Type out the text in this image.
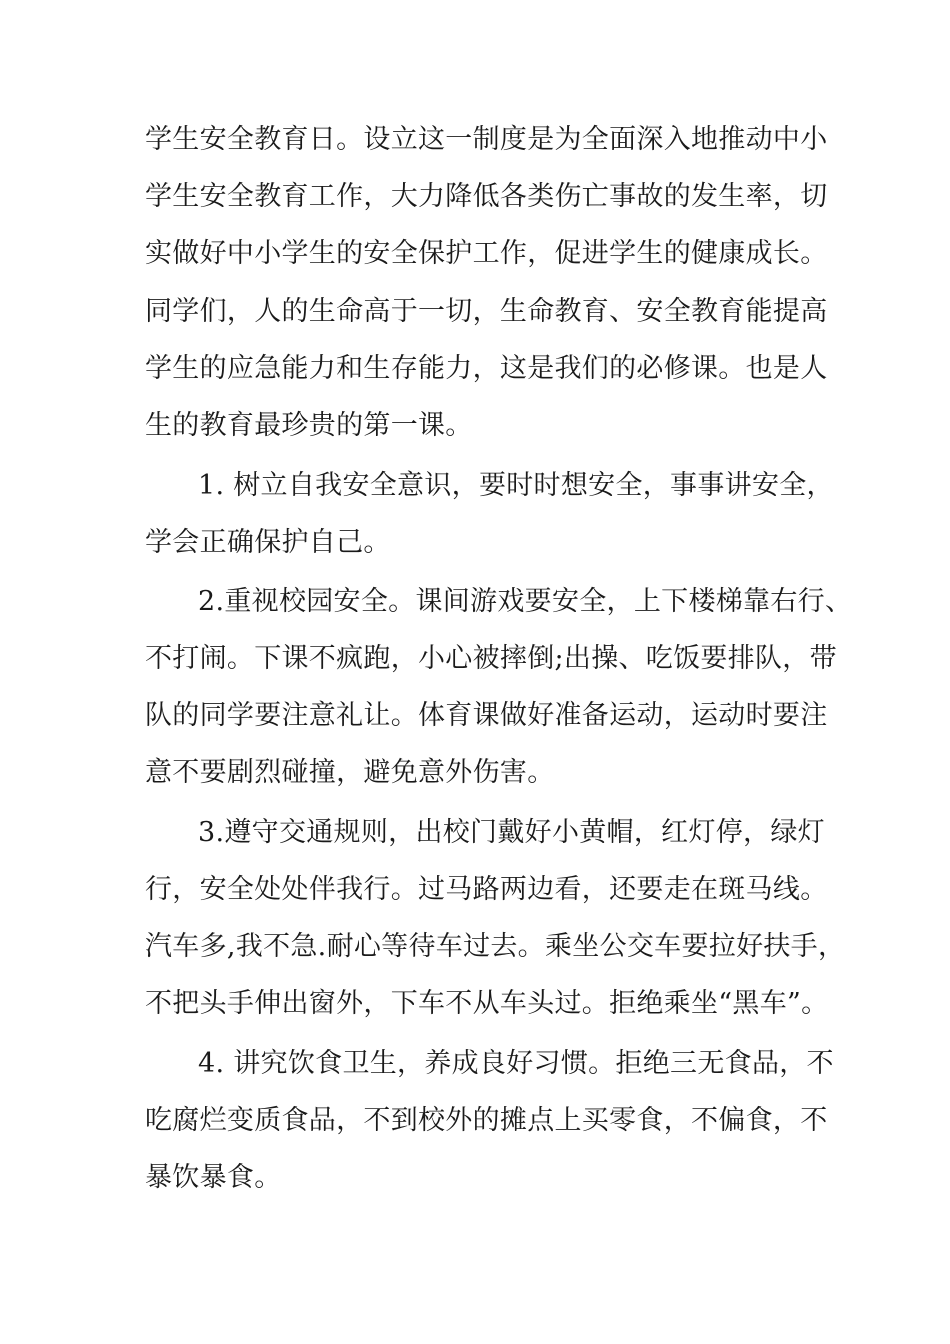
学生安全教育日。设立这一制度是为全面深入地推动中小
学生安全教育工作，大力降低各类伤亡事故的发生率，切
实做好中小学生的安全保护工作，促进学生的健康成长。
同学们，人的生命高于一切，生命教育、安全教育能提高
学生的应急能力和生存能力，这是我们的必修课。也是人
生的教育最珍贵的第一课。
1. 树立自我安全意识，要时时想安全，事事讲安全，
学会正确保护自己。
2.重视校园安全。课间游戏要安全，上下楼梯靠右行、
不打闹。下课不疯跑，小心被摔倒;出操、吃饭要排队，带
队的同学要注意礼让。体育课做好准备运动，运动时要注
意不要剧烈碰撞，避免意外伤害。
3.遵守交通规则，出校门戴好小黄帽，红灯停，绿灯
行，安全处处伴我行。过马路两边看，还要走在斑马线。
汽车多,我不急.耐心等待车过去。乘坐公交车要拉好扶手，
不把头手伸出窗外，下车不从车头过。拒绝乘坐“黑车”。
4. 讲究饮食卫生，养成良好习惯。拒绝三无食品，不
吃腐烂变质食品，不到校外的摊点上买零食，不偏食，不
暴饮暴食。
